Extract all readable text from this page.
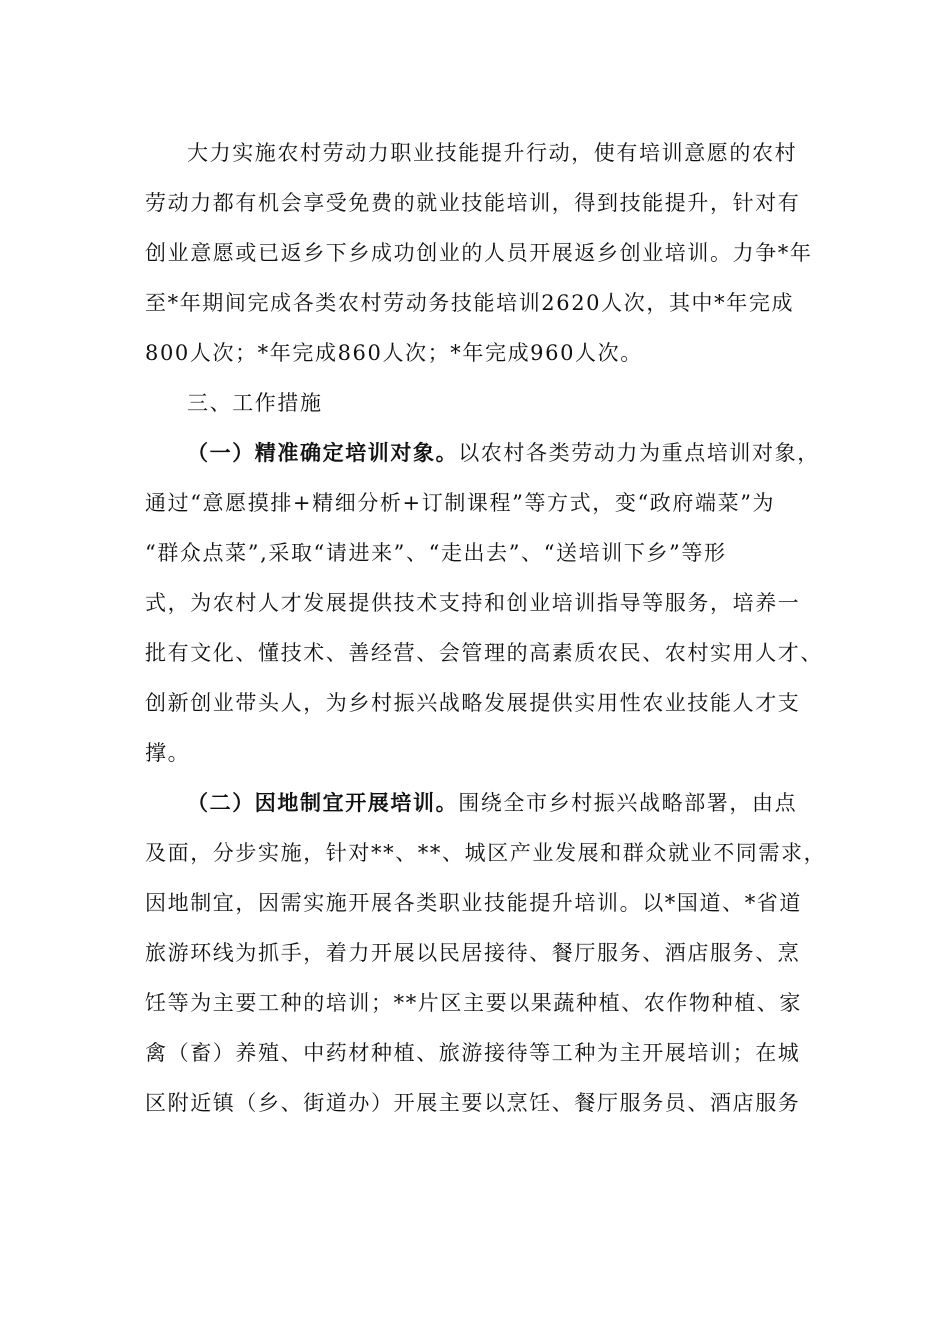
大力实施农村劳动力职业技能提升行动，使有培训意愿的农村
劳动力都有机会享受免费的就业技能培训，得到技能提升，针对有
创业意愿或已返乡下乡成功创业的人员开展返乡创业培训。力争*年
至*年期间完成各类农村劳动务技能培训2620人次，其中*年完成
800人次；*年完成860人次；*年完成960人次。
三、工作措施
（一）精准确定培训对象。以农村各类劳动力为重点培训对象，
通过“意愿摸排+精细分析+订制课程”等方式，变“政府端菜”为
“群众点菜”,采取“请进来”、“走出去”、“送培训下乡”等形
式，为农村人才发展提供技术支持和创业培训指导等服务，培养一
批有文化、懂技术、善经营、会管理的高素质农民、农村实用人才、
创新创业带头人，为乡村振兴战略发展提供实用性农业技能人才支
撑。
（二）因地制宜开展培训。围绕全市乡村振兴战略部署，由点
及面，分步实施，针对**、**、城区产业发展和群众就业不同需求，
因地制宜，因需实施开展各类职业技能提升培训。以*国道、*省道
旅游环线为抓手，着力开展以民居接待、餐厅服务、酒店服务、烹
饪等为主要工种的培训；**片区主要以果蔬种植、农作物种植、家
禽（畜）养殖、中药材种植、旅游接待等工种为主开展培训；在城
区附近镇（乡、街道办）开展主要以烹饪、餐厅服务员、酒店服务
